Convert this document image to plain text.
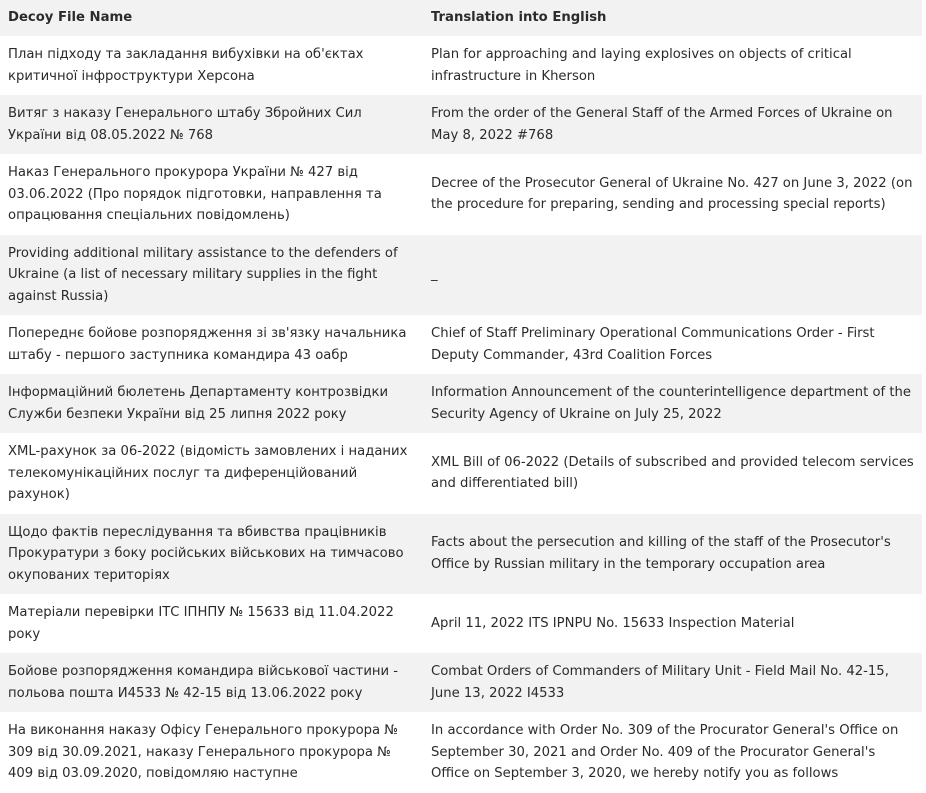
Decoy File Name	Translation into English
План підходу та закладання вибухівки на об'єктах критичної інфроструктури Херсона	Plan for approaching and laying explosives on objects of critical infrastructure in Kherson
Витяг з наказу Генерального штабу Збройних Сил України від 08.05.2022 № 768	From the order of the General Staff of the Armed Forces of Ukraine on May 8, 2022 #768
Наказ Генерального прокурора України № 427 від 03.06.2022 (Про порядок підготовки, направлення та опрацювання спеціальних повідомлень)	Decree of the Prosecutor General of Ukraine No. 427 on June 3, 2022 (on the procedure for preparing, sending and processing special reports)
Providing additional military assistance to the defenders of Ukraine (a list of necessary military supplies in the fight against Russia)	_
Попереднє бойове розпорядження зі зв'язку начальника штабу - першого заступника командира 43 оабр	Chief of Staff Preliminary Operational Communications Order - First Deputy Commander, 43rd Coalition Forces
Інформаційний бюлетень Департаменту контрозвідки Служби безпеки України від 25 липня 2022 року	Information Announcement of the counterintelligence department of the Security Agency of Ukraine on July 25, 2022
XML-рахунок за 06-2022 (відомість замовлених і наданих телекомунікаційних послуг та диференційований рахунок)	XML Bill of 06-2022 (Details of subscribed and provided telecom services and differentiated bill)
Щодо фактів переслідування та вбивства працівників Прокуратури з боку російських військових на тимчасово окупованих територіях	Facts about the persecution and killing of the staff of the Prosecutor's Office by Russian military in the temporary occupation area
Матеріали перевірки ІТС ІПНПУ № 15633 від 11.04.2022 року	April 11, 2022 ITS IPNPU No. 15633 Inspection Material
Бойове розпорядження командира військової частини - польова пошта И4533 № 42-15 від 13.06.2022 року	Combat Orders of Commanders of Military Unit - Field Mail No. 42-15, June 13, 2022 I4533
На виконання наказу Офісу Генерального прокурора № 309 від 30.09.2021, наказу Генерального прокурора № 409 від 03.09.2020, повідомляю наступне	In accordance with Order No. 309 of the Procurator General's Office on September 30, 2021 and Order No. 409 of the Procurator General's Office on September 3, 2020, we hereby notify you as follows
